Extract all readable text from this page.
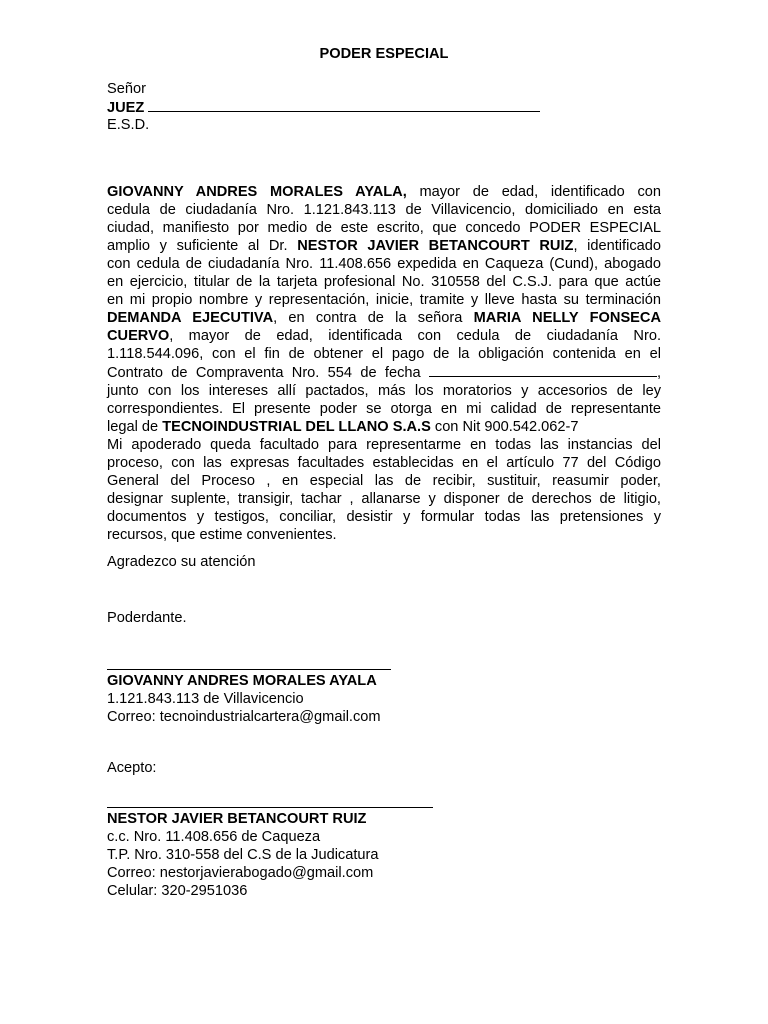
PODER ESPECIAL
Señor
JUEZ
E.S.D.
GIOVANNY ANDRES MORALES AYALA, mayor de edad, identificado con
cedula de ciudadanía Nro. 1.121.843.113 de Villavicencio, domiciliado en esta
ciudad, manifiesto por medio de este escrito, que concedo PODER ESPECIAL
amplio y suficiente al Dr. NESTOR JAVIER BETANCOURT RUIZ, identificado
con cedula de ciudadanía Nro. 11.408.656 expedida en Caqueza (Cund), abogado
en ejercicio, titular de la tarjeta profesional No. 310558 del C.S.J. para que actúe
en mi propio nombre y representación, inicie, tramite y lleve hasta su terminación
DEMANDA EJECUTIVA, en contra de la señora MARIA NELLY FONSECA
CUERVO, mayor de edad, identificada con cedula de ciudadanía Nro.
1.118.544.096, con el fin de obtener el pago de la obligación contenida en el
Contrato de Compraventa Nro. 554 de fecha	,
junto con los intereses allí pactados, más los moratorios y accesorios de ley
correspondientes. El presente poder se otorga en mi calidad de representante
legal de TECNOINDUSTRIAL DEL LLANO S.A.S con Nit 900.542.062-7
Mi apoderado queda facultado para representarme en todas las instancias del
proceso, con las expresas facultades establecidas en el artículo 77 del Código
General del Proceso , en especial las de recibir, sustituir, reasumir poder,
designar suplente, transigir, tachar , allanarse y disponer de derechos de litigio,
documentos y testigos, conciliar, desistir y formular todas las pretensiones y
recursos, que estime convenientes.
Agradezco su atención
Poderdante.
GIOVANNY ANDRES MORALES AYALA
1.121.843.113 de Villavicencio
Correo: tecnoindustrialcartera@gmail.com
Acepto:
NESTOR JAVIER BETANCOURT RUIZ
c.c. Nro. 11.408.656 de Caqueza
T.P. Nro. 310-558 del C.S de la Judicatura
Correo: nestorjavierabogado@gmail.com
Celular: 320-2951036
